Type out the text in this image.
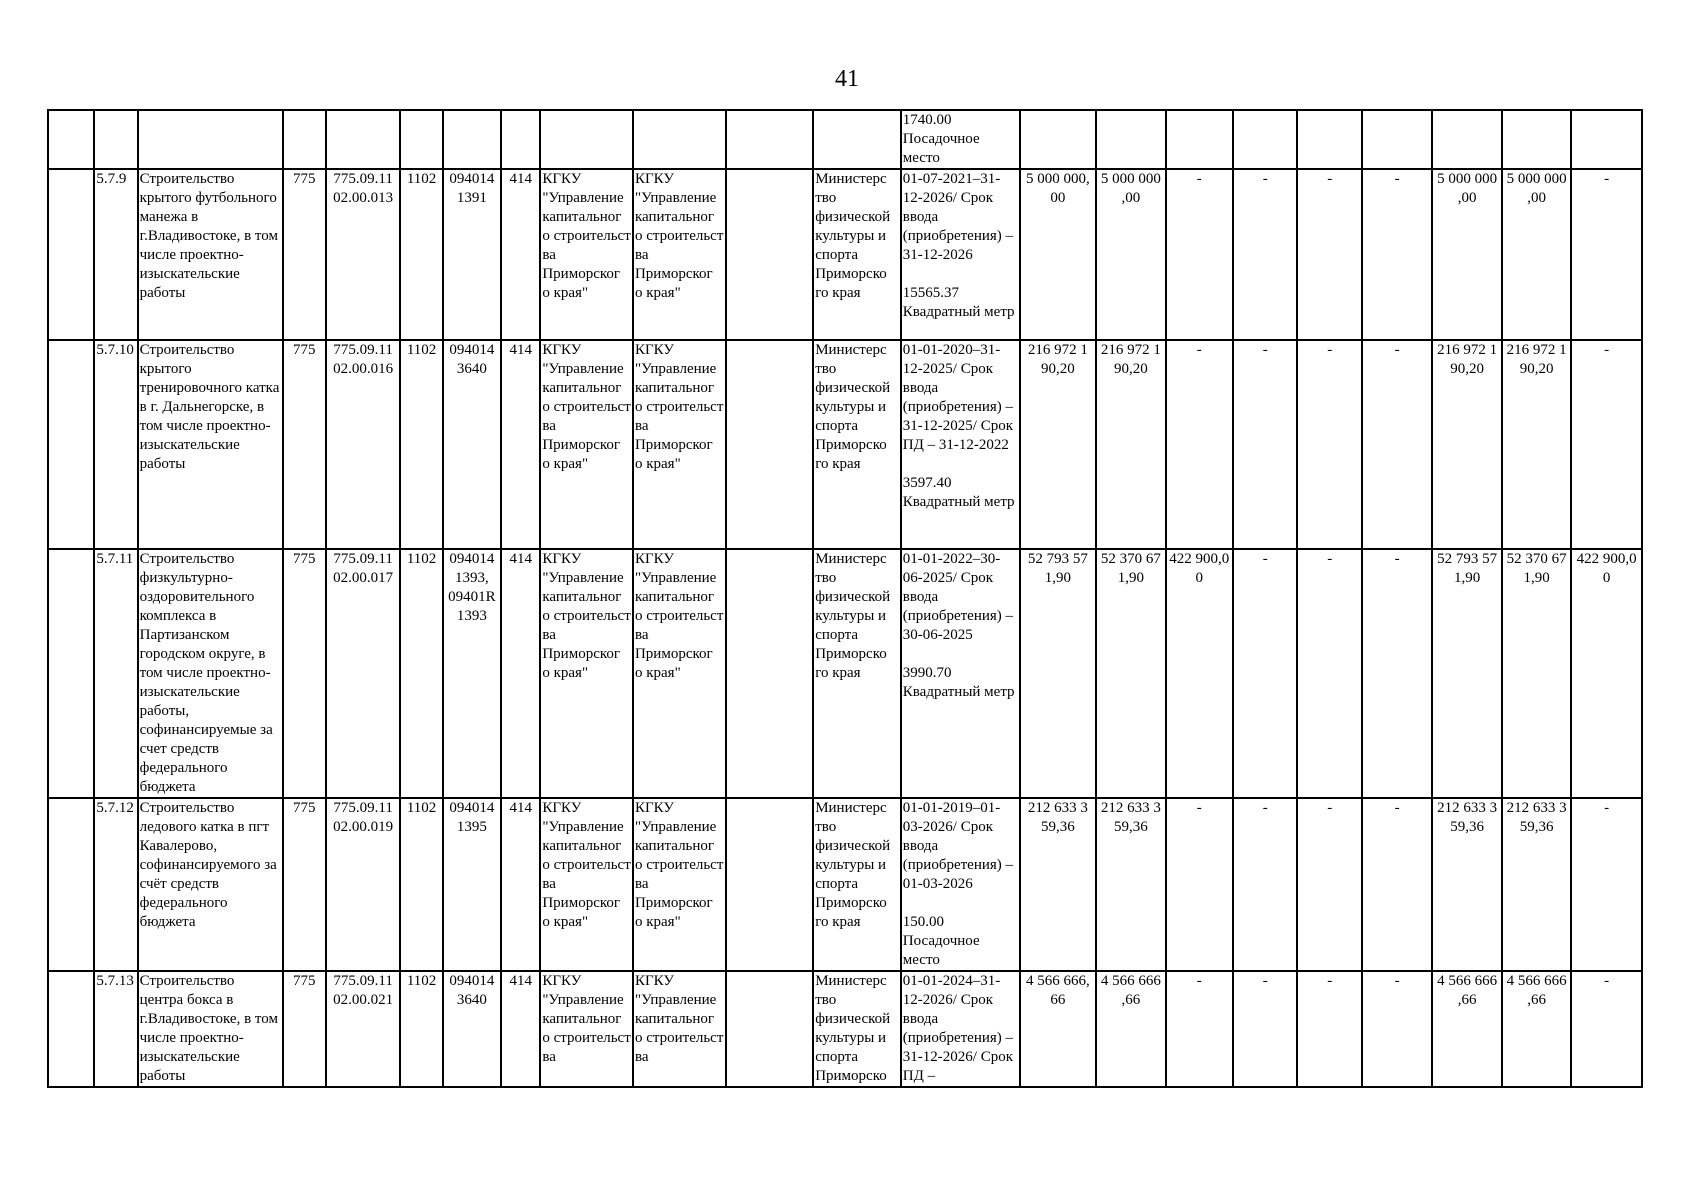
41
												1740.00
Посадочное
место									
	5.7.9	Строительство крытого футбольного манежа в г.Владивостоке, в том числе проектно-изыскательские работы	775	775.09.11
02.00.013	1102	094014
1391	414	КГКУ "Управление капитальног о строительст ва Приморског о края"	КГКУ "Управление капитальног о строительст ва Приморског о края"		Министерс тво физической культуры и спорта Приморско го края	01-07-2021–31-12-2026/ Срок ввода (приобретения) – 31-12-2026

15565.37 Квадратный метр	5 000 000,
00	5 000 000
,00	-	-	-	-	5 000 000
,00	5 000 000
,00	-
	5.7.10	Строительство крытого тренировочного катка в г. Дальнегорске, в том числе проектно-изыскательские работы	775	775.09.11
02.00.016	1102	094014
3640	414	КГКУ "Управление капитальног о строительст ва Приморског о края"	КГКУ "Управление капитальног о строительст ва Приморског о края"		Министерс тво физической культуры и спорта Приморско го края	01-01-2020–31-12-2025/ Срок ввода (приобретения) – 31-12-2025/ Срок ПД – 31-12-2022

3597.40 Квадратный метр	216 972 1
90,20	216 972 1
90,20	-	-	-	-	216 972 1
90,20	216 972 1
90,20	-
	5.7.11	Строительство физкультурно-оздоровительного комплекса в Партизанском городском округе, в том числе проектно-изыскательские работы, софинансируемые за счет средств федерального бюджета	775	775.09.11
02.00.017	1102	094014
1393,
09401R
1393	414	КГКУ "Управление капитальног о строительст ва Приморског о края"	КГКУ "Управление капитальног о строительст ва Приморског о края"		Министерс тво физической культуры и спорта Приморско го края	01-01-2022–30-06-2025/ Срок ввода (приобретения) – 30-06-2025

3990.70 Квадратный метр	52 793 57
1,90	52 370 67
1,90	422 900,0
0	-	-	-	52 793 57
1,90	52 370 67
1,90	422 900,0
0
	5.7.12	Строительство ледового катка в пгт Кавалерово, софинансируемого за счёт средств федерального бюджета	775	775.09.11
02.00.019	1102	094014
1395	414	КГКУ "Управление капитальног о строительст ва Приморског о края"	КГКУ "Управление капитальног о строительст ва Приморског о края"		Министерс тво физической культуры и спорта Приморско го края	01-01-2019–01-03-2026/ Срок ввода (приобретения) – 01-03-2026

150.00 Посадочное место	212 633 3
59,36	212 633 3
59,36	-	-	-	-	212 633 3
59,36	212 633 3
59,36	-
	5.7.13	Строительство центра бокса в г.Владивостоке, в том числе проектно-изыскательские работы	775	775.09.11
02.00.021	1102	094014
3640	414	КГКУ "Управление капитальног о строительст ва	КГКУ "Управление капитальног о строительст ва		Министерс тво физической культуры и спорта Приморско	01-01-2024–31-12-2026/ Срок ввода (приобретения) – 31-12-2026/ Срок ПД –	4 566 666,
66	4 566 666
,66	-	-	-	-	4 566 666
,66	4 566 666
,66	-
